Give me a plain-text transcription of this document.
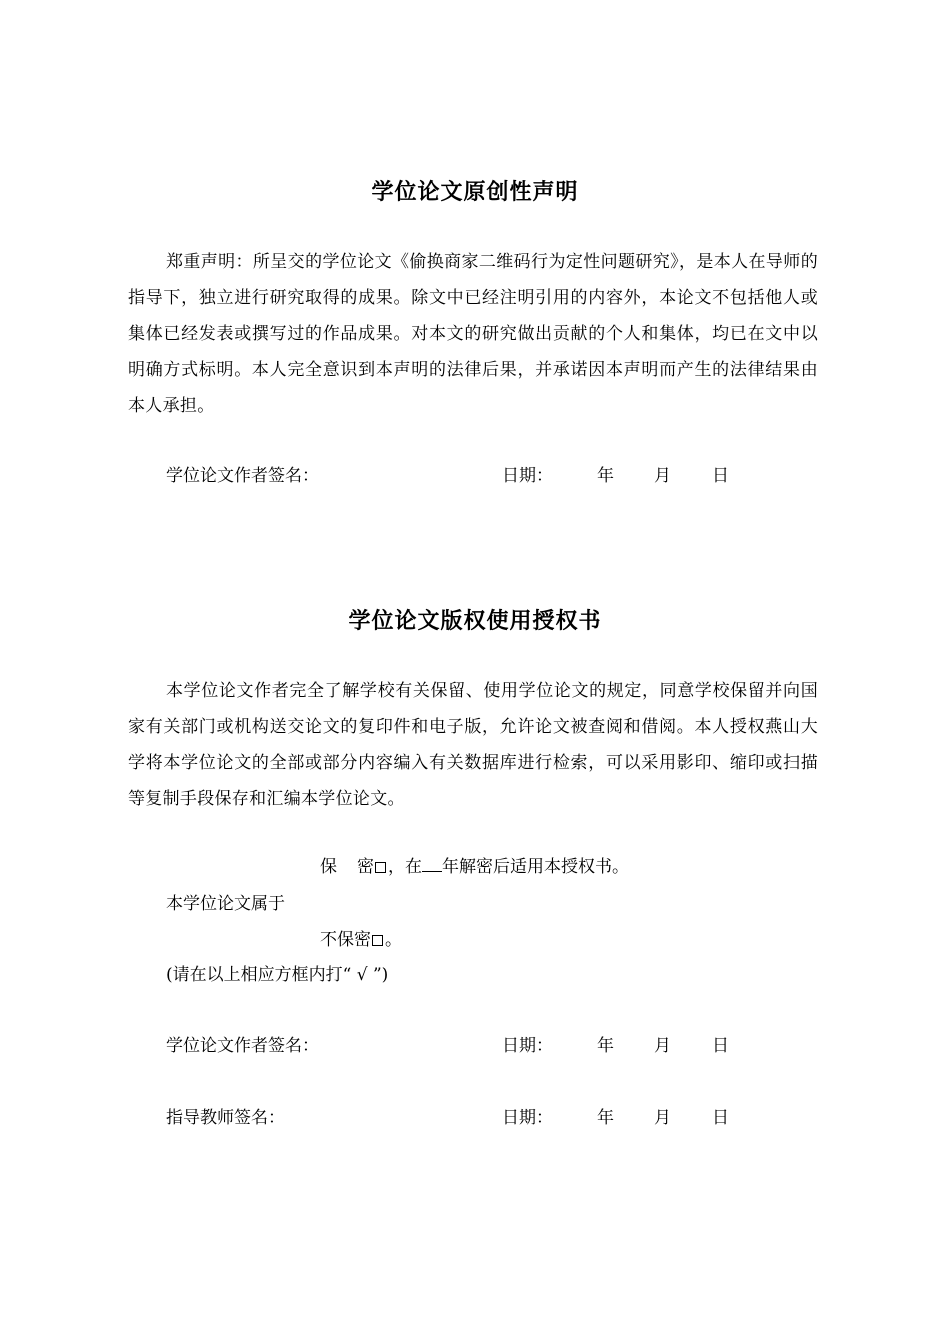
学位论文原创性声明
郑重声明：所呈交的学位论文《偷换商家二维码行为定性问题研究》，是本人在导师的指导下，独立进行研究取得的成果。除文中已经注明引用的内容外，本论文不包括他人或集体已经发表或撰写过的作品成果。对本文的研究做出贡献的个人和集体，均已在文中以明确方式标明。本人完全意识到本声明的法律后果，并承诺因本声明而产生的法律结果由本人承担。
学位论文作者签名：	日期：	年 月 日
学位论文版权使用授权书
本学位论文作者完全了解学校有关保留、使用学位论文的规定，同意学校保留并向国家有关部门或机构送交论文的复印件和电子版，允许论文被查阅和借阅。本人授权燕山大学将本学位论文的全部或部分内容编入有关数据库进行检索，可以采用影印、缩印或扫描等复制手段保存和汇编本学位论文。
保 密 ，在 年解密后适用本授权书。
本学位论文属于
不保密 。
(请在以上相应方框内打“ √ ”)
学位论文作者签名：	日期：	年 月 日
指导教师签名：	日期：	年 月 日
